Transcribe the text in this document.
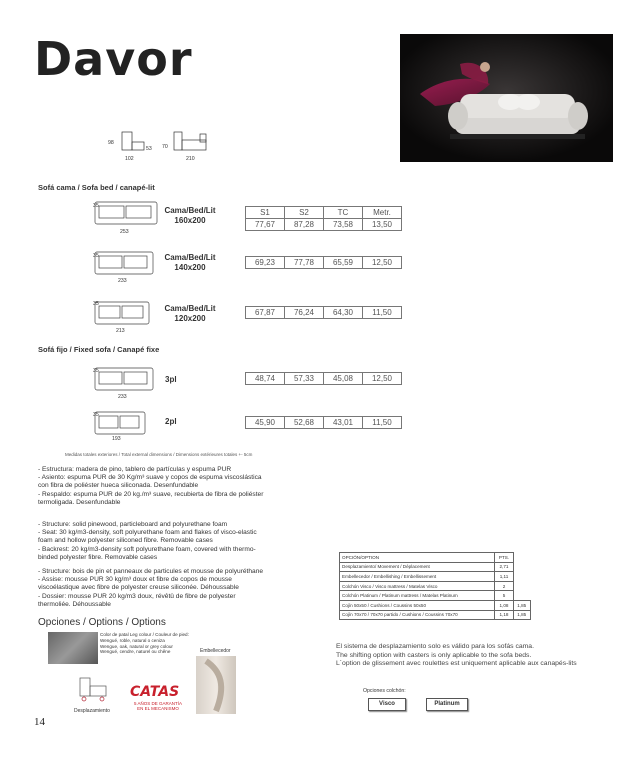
Davor
98
53
102
70
210
Sofá cama / Sofa bed / canapé-lit
35
253
35
233
35
213
Cama/Bed/Lit
160x200
Cama/Bed/Lit
140x200
Cama/Bed/Lit
120x200
S1	S2	TC	Metr.
77,67	87,28	73,58	13,50
69,23	77,78	65,59	12,50
67,87	76,24	64,30	11,50
Sofá fijo / Fixed sofa / Canapé fixe
35
233
35
193
3pl
2pl
48,74	57,33	45,08	12,50
45,90	52,68	43,01	11,50
Medidas totales exteriores / Total external dimensions / Dimensions extérieures totales +- 5cm
- Estructura: madera de pino, tablero de partículas y espuma PUR
- Asiento: espuma PUR de 30 Kg/m³ suave y copos de espuma viscoslástica
con fibra de poliéster hueca siliconada. Desenfundable
- Respaldo: espuma PUR de 20 kg./m³ suave, recubierta de fibra de poliéster
termoligada. Desenfundable
- Structure: solid pinewood, particleboard and polyurethane foam
- Seat: 30 kg/m3-density, soft polyurethane foam and flakes of visco-elastic
foam and hollow polyester siliconed fibre. Removable cases
- Backrest: 20 kg/m3-density soft polyurethane foam, covered with thermo-
binded polyester fibre. Removable cases
- Structure: bois de pin et panneaux de particules et mousse de polyuréthane
- Assise: mousse PUR 30 kg/m³ doux et fibre de copos de mousse
viscoélastique avec fibre de polyester creuse siliconée. Déhoussable
- Dossier: mousse PUR 20 kg/m3 doux, révêtû de fibre de polyester
thermoliée. Déhoussable
Opciones / Options / Options
Color de patal Leg colour / Couleur de pied:
Wengué, roble, natural o ceniza
Wengue, oak, natural or grey colour
Wengué, cendre, naturel ou chêne	Embellecedor
Desplazamiento
CATAS
5 AÑOS DE GARANTÍA
EN EL MECANISMO
14
OPCIÓN/OPTION	PTS.	
Desplazamiento/ Movement / Déplacement	2,71	
Embellecedor / Embellishing / Embellissement	1,11	
Colchón Visco / Visco mattress / Matelas Visco	2	
Colchón Platinum / Platinum mattress / Matelas Platinum	5	
Cojín 50x50 / Cushions / Coussins 50x50	1,08	1,85
Cojín 70x70 / 70x70 partido / Cushions / Coussins 70x70	1,18	1,85
El sistema de desplazamiento solo es válido para los sofás cama.
The shifting option with casters is only aplicable to the sofa beds.
L´option de glissement avec roulettes est uniquement aplicable aux canapés-lits
Opciones colchón:
Visco	Platinum
